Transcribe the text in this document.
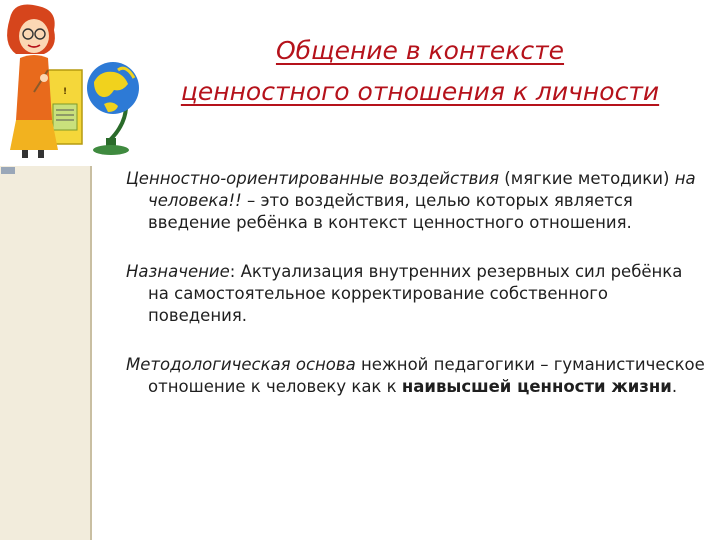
!
Общение в контексте
ценностного отношения к личности

Ценностно-ориентированные воздействия (мягкие методики) на человека!! – это воздействия, целью которых является введение ребёнка в контекст ценностного отношения.

Назначение: Актуализация внутренних резервных сил ребёнка на самостоятельное корректирование собственного поведения.

Методологическая основа нежной педагогики – гуманистическое отношение к человеку как к наивысшей ценности жизни.
